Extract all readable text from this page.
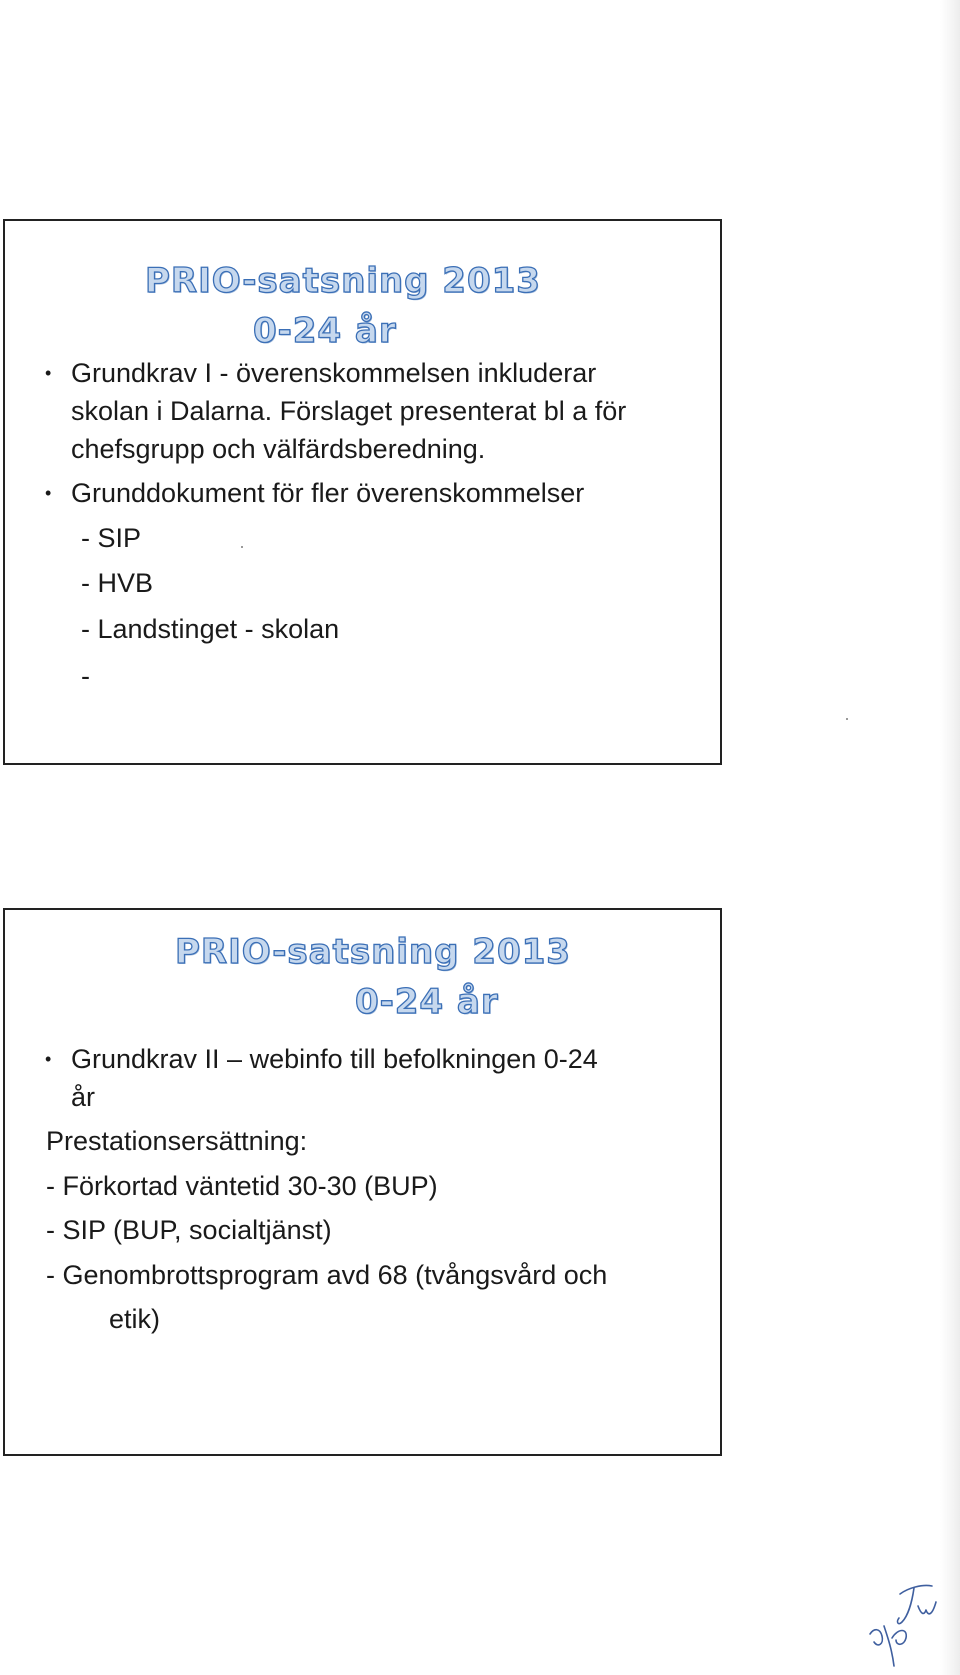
PRIO-satsning 2013
0-24 år
• Grundkrav I - överenskommelsen inkluderar
skolan i Dalarna. Förslaget presenterat bl a för
chefsgrupp och välfärdsberedning.
• Grunddokument för fler överenskommelser
- SIP
- HVB
- Landstinget - skolan
-
PRIO-satsning 2013
0-24 år
• Grundkrav II – webinfo till befolkningen 0-24
år
Prestationsersättning:
- Förkortad väntetid 30-30 (BUP)
- SIP (BUP, socialtjänst)
- Genombrottsprogram avd 68 (tvångsvård och
etik)
